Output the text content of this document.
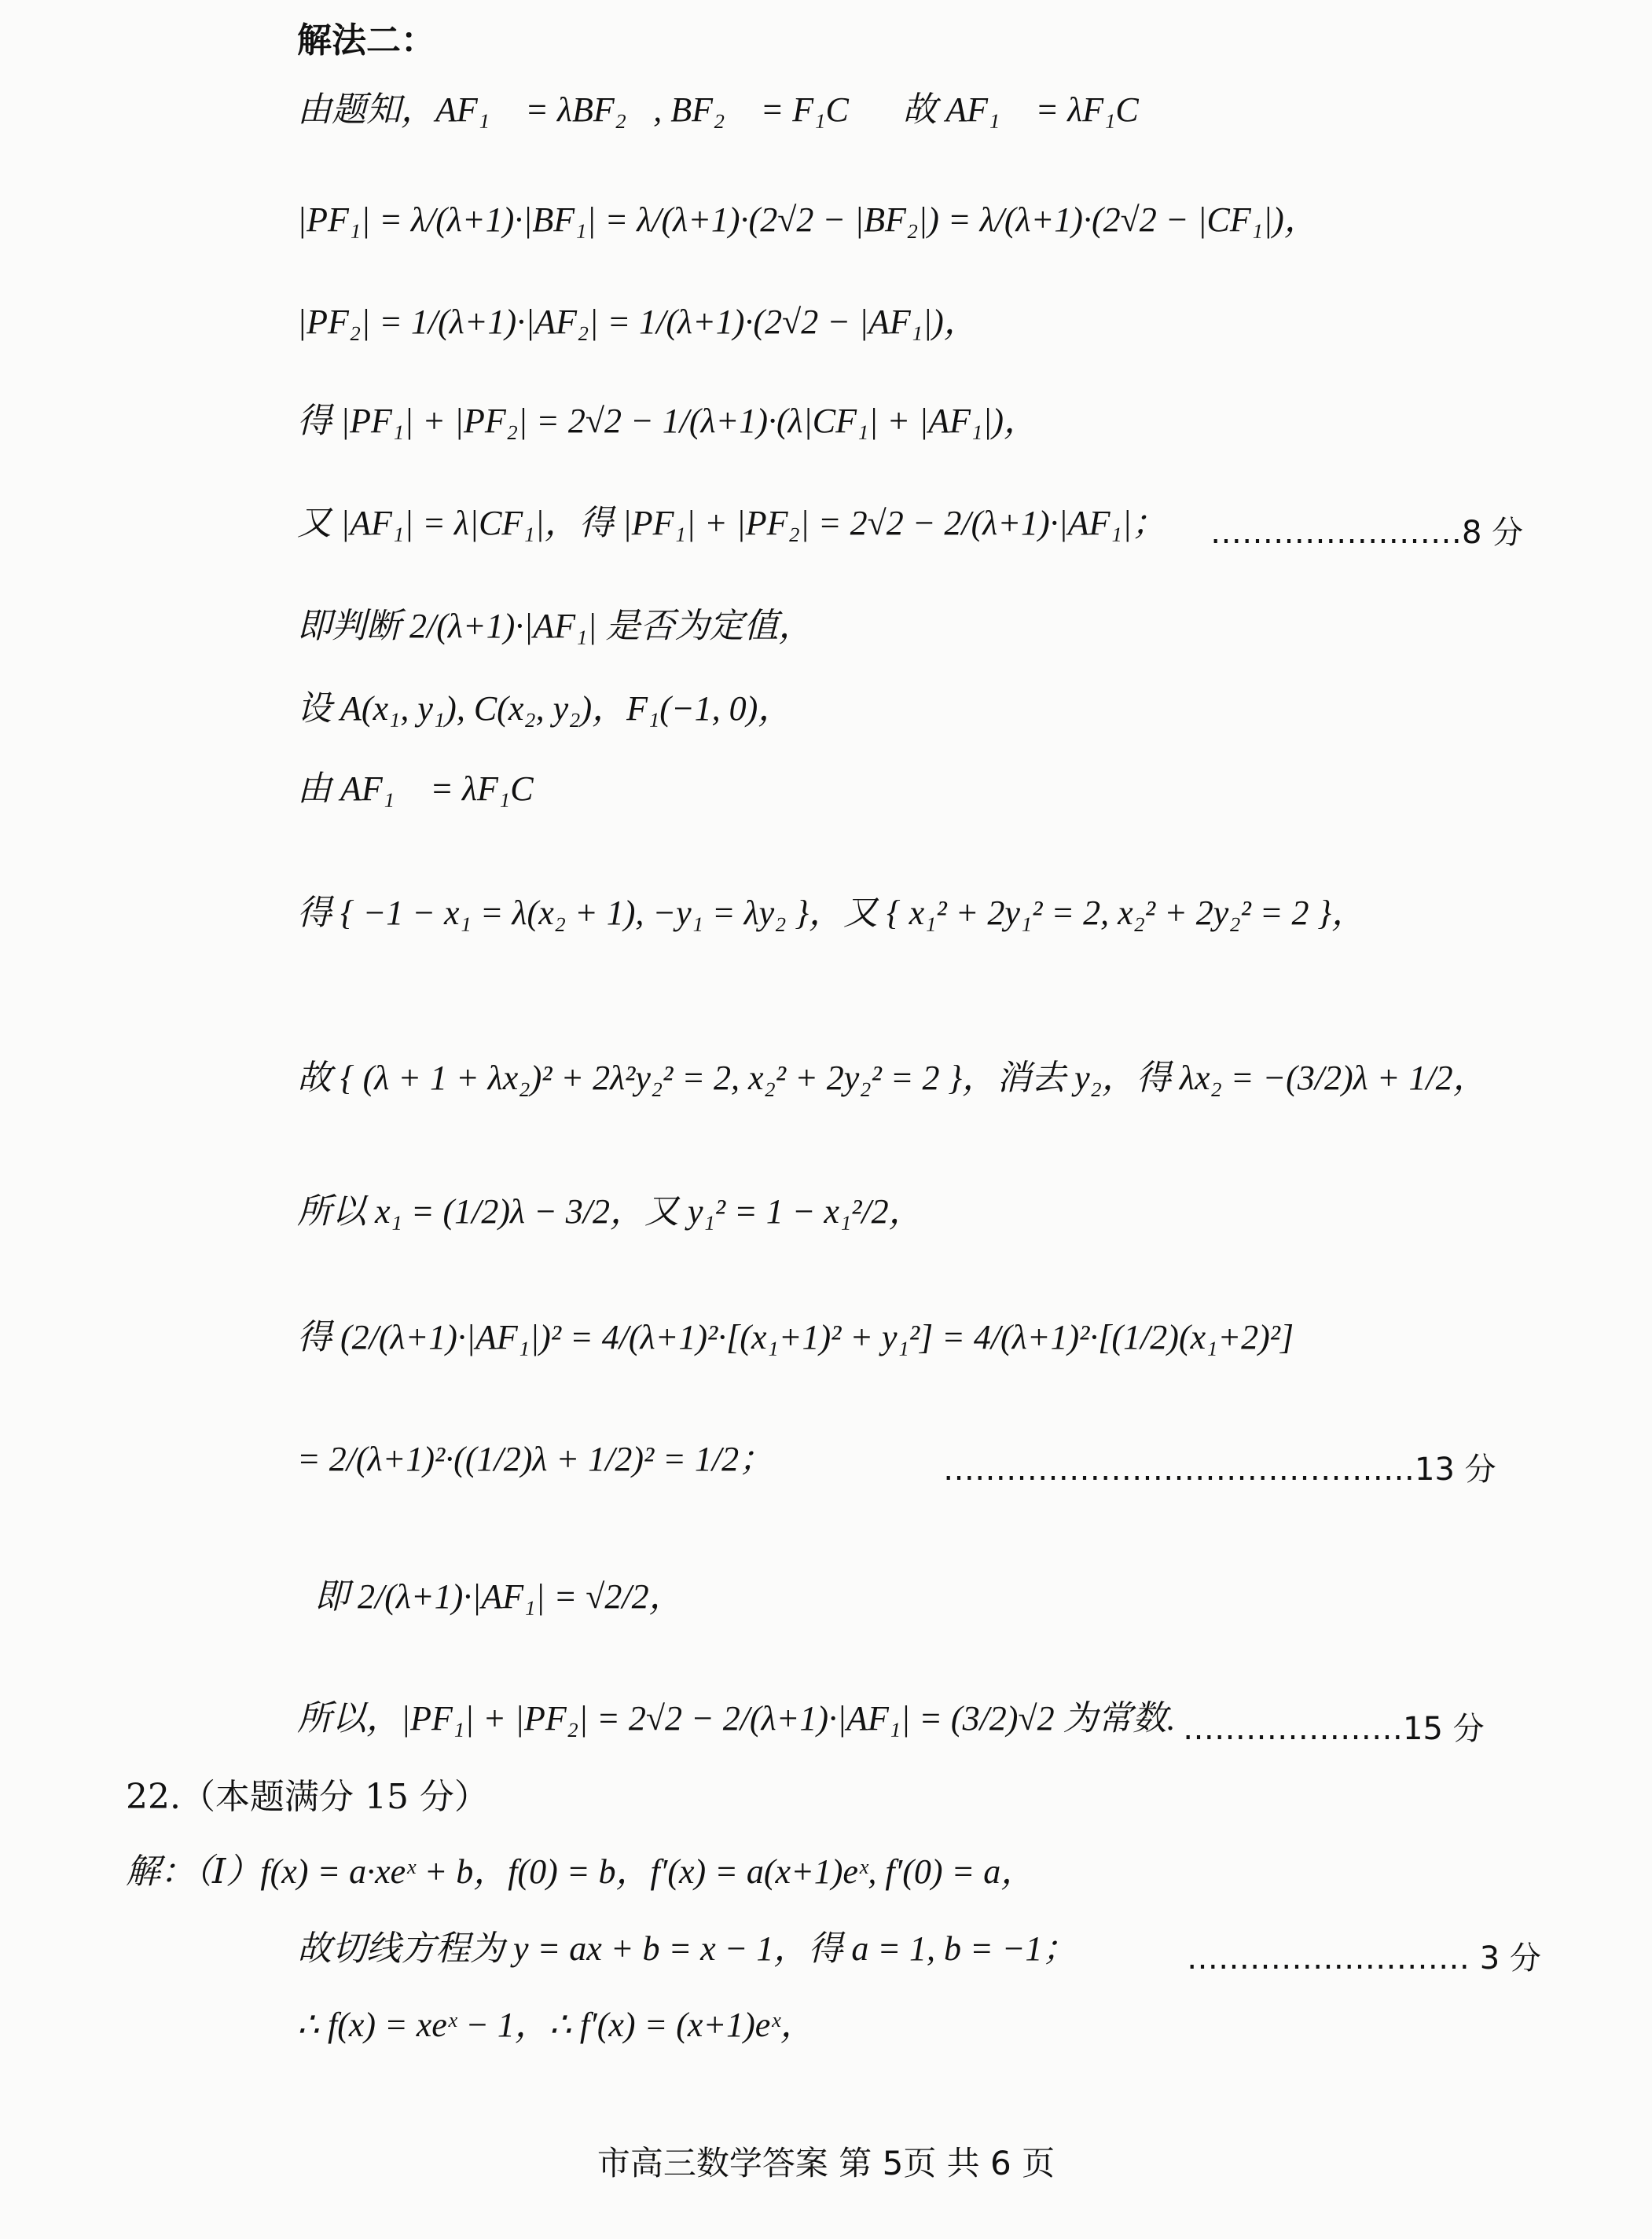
解法二：
由题知，AF₁⃗ = λBF₂⃗, BF₂⃗ = F₁C⃗，故 AF₁⃗ = λF₁C⃗，
|PF₁| = λ/(λ+1)·|BF₁| = λ/(λ+1)·(2√2 − |BF₂|) = λ/(λ+1)·(2√2 − |CF₁|)，
|PF₂| = 1/(λ+1)·|AF₂| = 1/(λ+1)·(2√2 − |AF₁|)，
得 |PF₁| + |PF₂| = 2√2 − 1/(λ+1)·(λ|CF₁| + |AF₁|)，
又 |AF₁| = λ|CF₁|，得 |PF₁| + |PF₂| = 2√2 − 2/(λ+1)·|AF₁|； ……………………8 分
即判断 2/(λ+1)·|AF₁| 是否为定值，
设 A(x₁, y₁), C(x₂, y₂)，F₁(−1, 0)，
由 AF₁⃗ = λF₁C⃗，
得 { −1 − x₁ = λ(x₂ + 1), −y₁ = λy₂ }，又 { x₁² + 2y₁² = 2, x₂² + 2y₂² = 2 }，
故 { (λ + 1 + λx₂)² + 2λ²y₂² = 2, x₂² + 2y₂² = 2 }，消去 y₂，得 λx₂ = −(3/2)λ + 1/2，
所以 x₁ = (1/2)λ − 3/2，又 y₁² = 1 − x₁²/2，
得 (2/(λ+1)·|AF₁|)² = 4/(λ+1)²·[(x₁+1)² + y₁²] = 4/(λ+1)²·[(1/2)(x₁+2)²]
= 2/(λ+1)²·((1/2)λ + 1/2)² = 1/2；	………………………………………13 分
即 2/(λ+1)·|AF₁| = √2/2，
所以，|PF₁| + |PF₂| = 2√2 − 2/(λ+1)·|AF₁| = (3/2)√2 为常数. …………………15 分
22.（本题满分 15 分）
解：（Ⅰ）f(x) = a·xeˣ + b，f(0) = b，f′(x) = a(x+1)eˣ, f′(0) = a，
故切线方程为 y = ax + b = x − 1，得 a = 1, b = −1；	……………………… 3 分
∴ f(x) = xeˣ − 1，∴ f′(x) = (x+1)eˣ，
市高三数学答案 第 5页 共 6 页
